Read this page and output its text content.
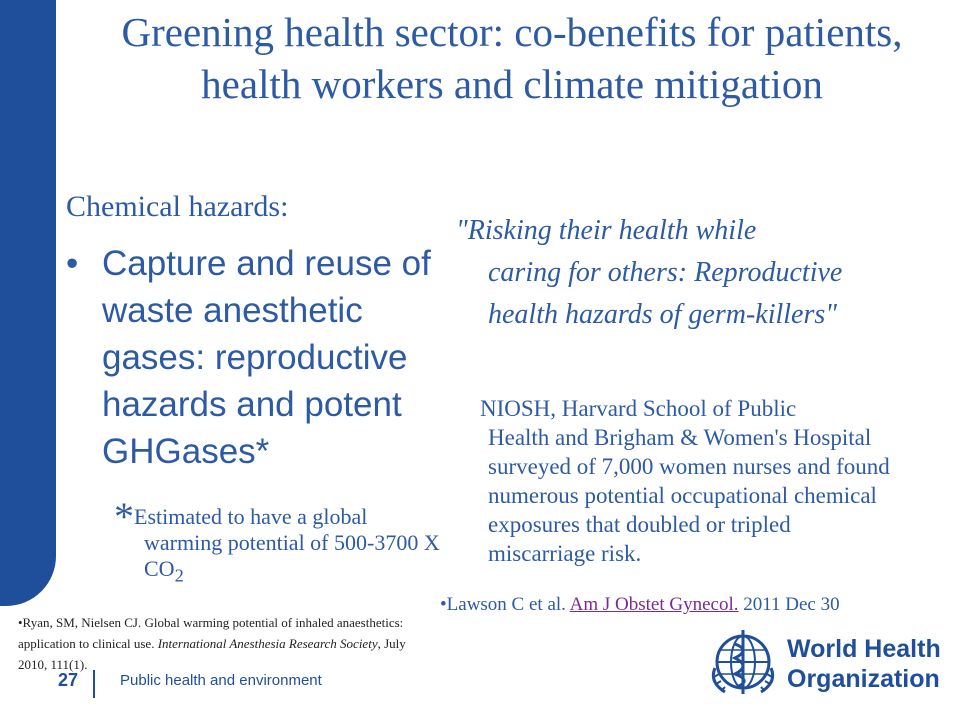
Greening health sector: co-benefits for patients, health workers and climate mitigation
Chemical hazards:
• Capture and reuse of waste anesthetic gases: reproductive hazards and potent GHGases*
*Estimated to have a global
warming potential of 500-3700 X $CO_2$
"Risking their health while
caring for others: Reproductive health hazards of germ-killers"
NIOSH, Harvard School of Public
Health and Brigham & Women's Hospital surveyed of 7,000 women nurses and found numerous potential occupational chemical exposures that doubled or tripled miscarriage risk.
•Lawson C et al. Am J Obstet Gynecol. 2011 Dec 30
•Ryan, SM, Nielsen CJ. Global warming potential of inhaled anaesthetics: application to clinical use. International Anesthesia Research Society, July 2010, 111(1).
27	Public health and environment
World Health
Organization
